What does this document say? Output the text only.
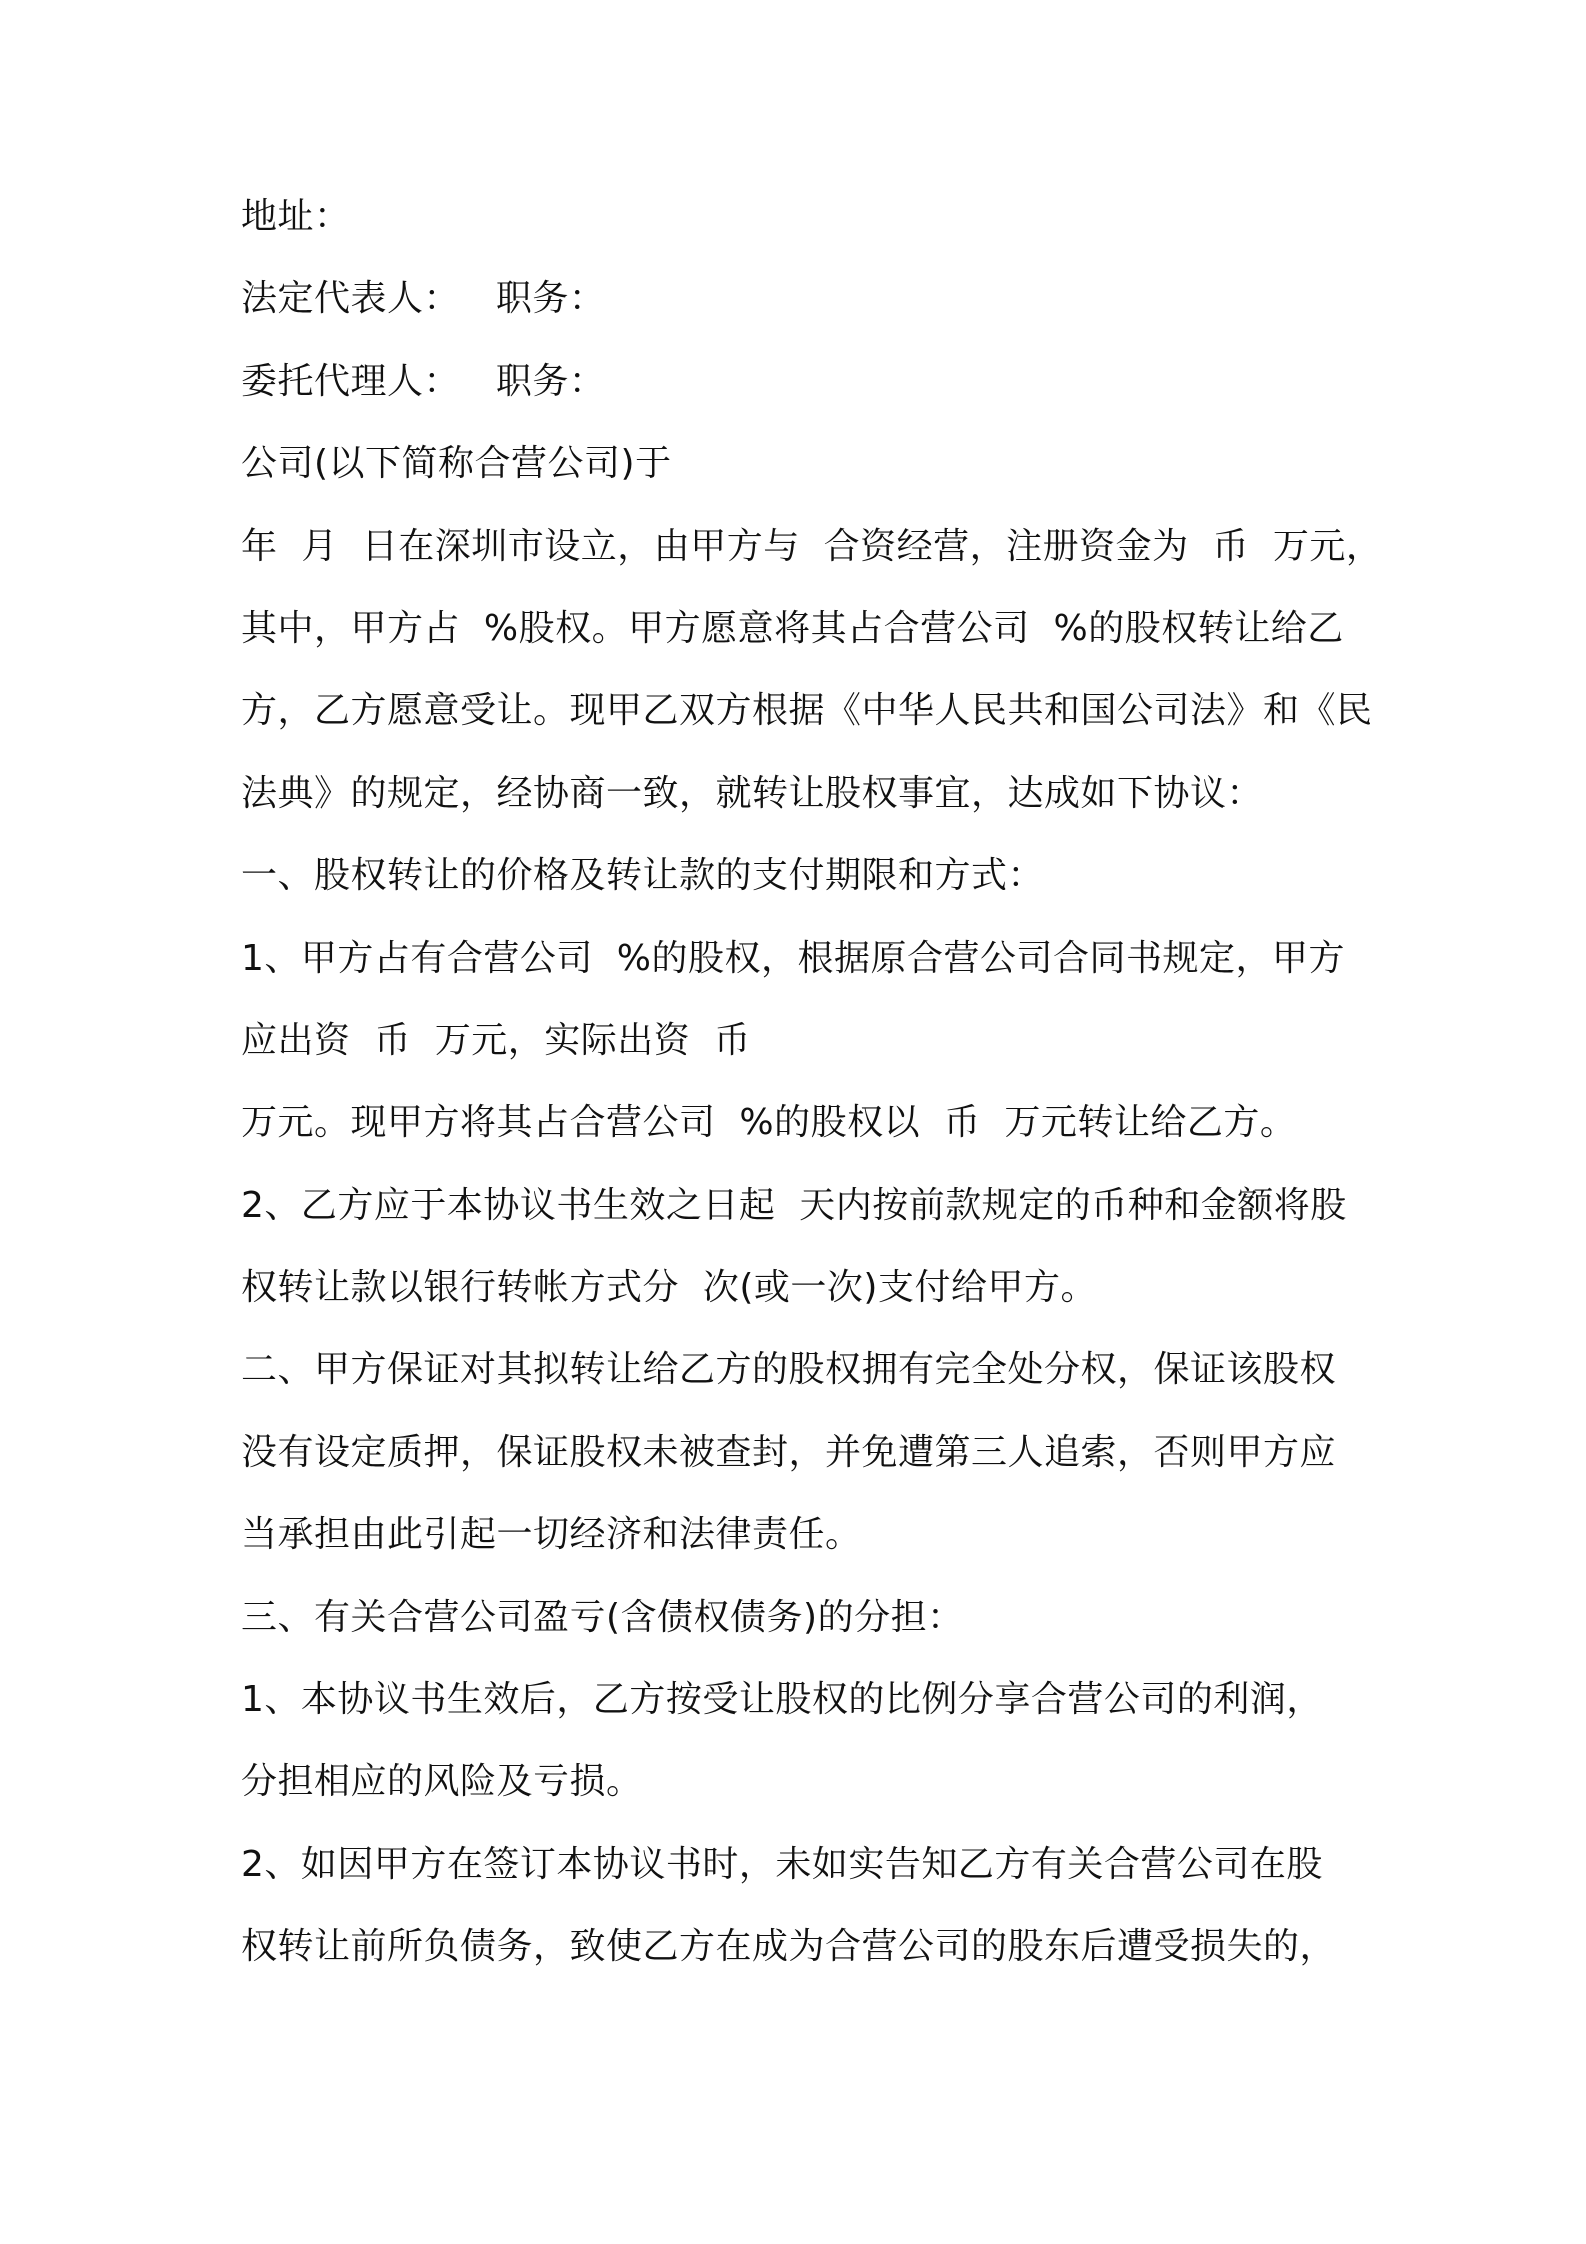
地址：
法定代表人：   职务：
委托代理人：   职务：
公司(以下简称合营公司)于
年  月  日在深圳市设立，由甲方与  合资经营，注册资金为  币  万元，
其中，甲方占  %股权。甲方愿意将其占合营公司  %的股权转让给乙
方，乙方愿意受让。现甲乙双方根据《中华人民共和国公司法》和《民
法典》的规定，经协商一致，就转让股权事宜，达成如下协议：
一、股权转让的价格及转让款的支付期限和方式：
1、甲方占有合营公司  %的股权，根据原合营公司合同书规定，甲方
应出资  币  万元，实际出资  币
万元。现甲方将其占合营公司  %的股权以  币  万元转让给乙方。
2、乙方应于本协议书生效之日起  天内按前款规定的币种和金额将股
权转让款以银行转帐方式分  次(或一次)支付给甲方。
二、甲方保证对其拟转让给乙方的股权拥有完全处分权，保证该股权
没有设定质押，保证股权未被查封，并免遭第三人追索，否则甲方应
当承担由此引起一切经济和法律责任。
三、有关合营公司盈亏(含债权债务)的分担：
1、本协议书生效后，乙方按受让股权的比例分享合营公司的利润，
分担相应的风险及亏损。
2、如因甲方在签订本协议书时，未如实告知乙方有关合营公司在股
权转让前所负债务，致使乙方在成为合营公司的股东后遭受损失的，
